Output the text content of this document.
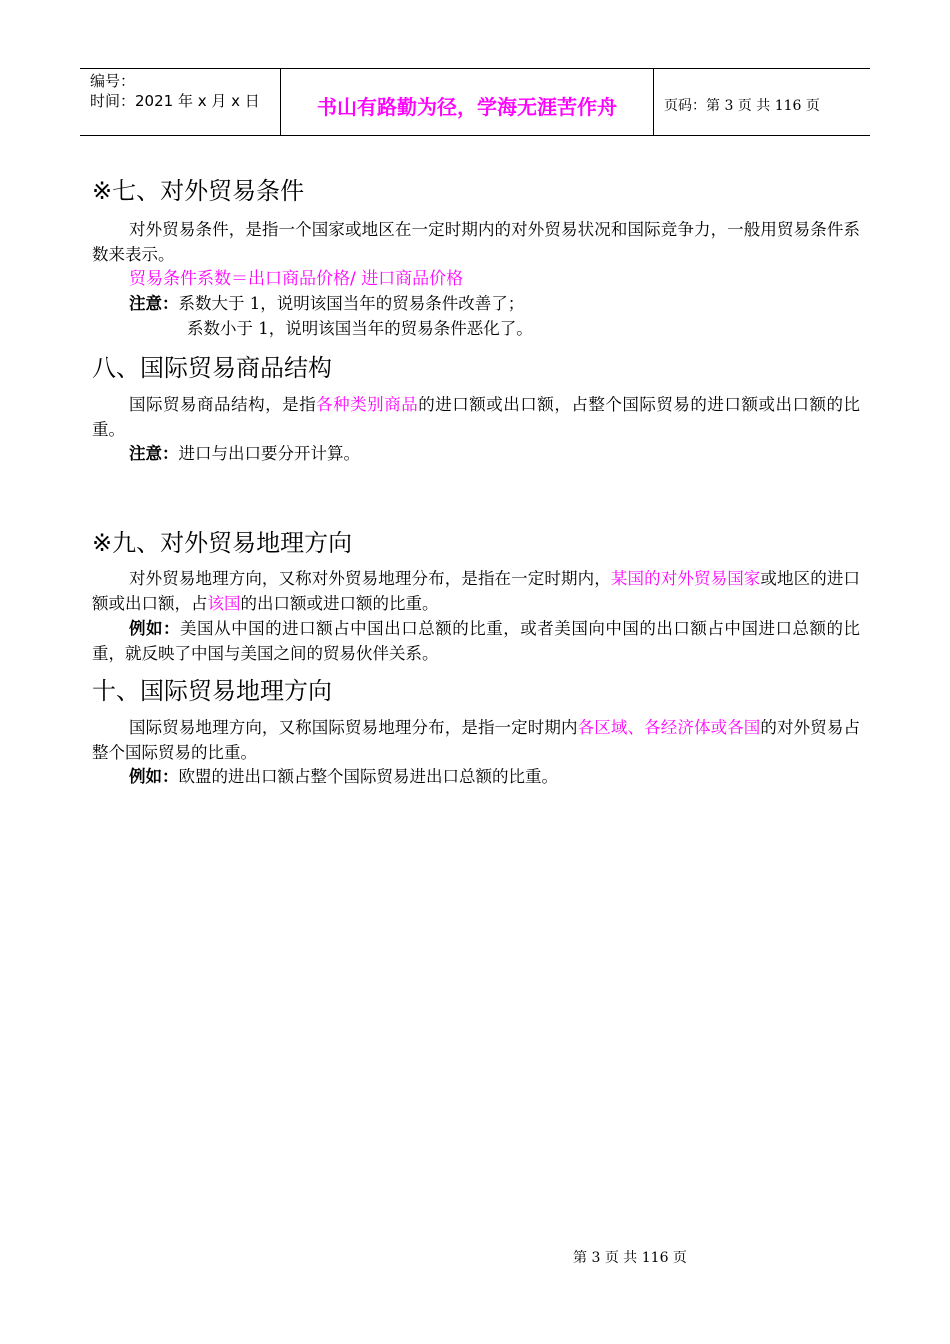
编号：
时间：2021 年 x 月 x 日	书山有路勤为径，学海无涯苦作舟	页码：第 3 页 共 116 页
※七、对外贸易条件

对外贸易条件，是指一个国家或地区在一定时期内的对外贸易状况和国际竞争力，一般用贸易条件系数来表示。

贸易条件系数＝出口商品价格/ 进口商品价格

注意：系数大于 1，说明该国当年的贸易条件改善了；

系数小于 1，说明该国当年的贸易条件恶化了。

八、国际贸易商品结构

国际贸易商品结构，是指各种类别商品的进口额或出口额，占整个国际贸易的进口额或出口额的比重。

注意：进口与出口要分开计算。

※九、对外贸易地理方向

对外贸易地理方向，又称对外贸易地理分布，是指在一定时期内，某国的对外贸易国家或地区的进口额或出口额，占该国的出口额或进口额的比重。

例如：美国从中国的进口额占中国出口总额的比重，或者美国向中国的出口额占中国进口总额的比重，就反映了中国与美国之间的贸易伙伴关系。

十、国际贸易地理方向

国际贸易地理方向，又称国际贸易地理分布，是指一定时期内各区域、各经济体或各国的对外贸易占整个国际贸易的比重。

例如：欧盟的进出口额占整个国际贸易进出口总额的比重。

第 3 页 共 116 页
